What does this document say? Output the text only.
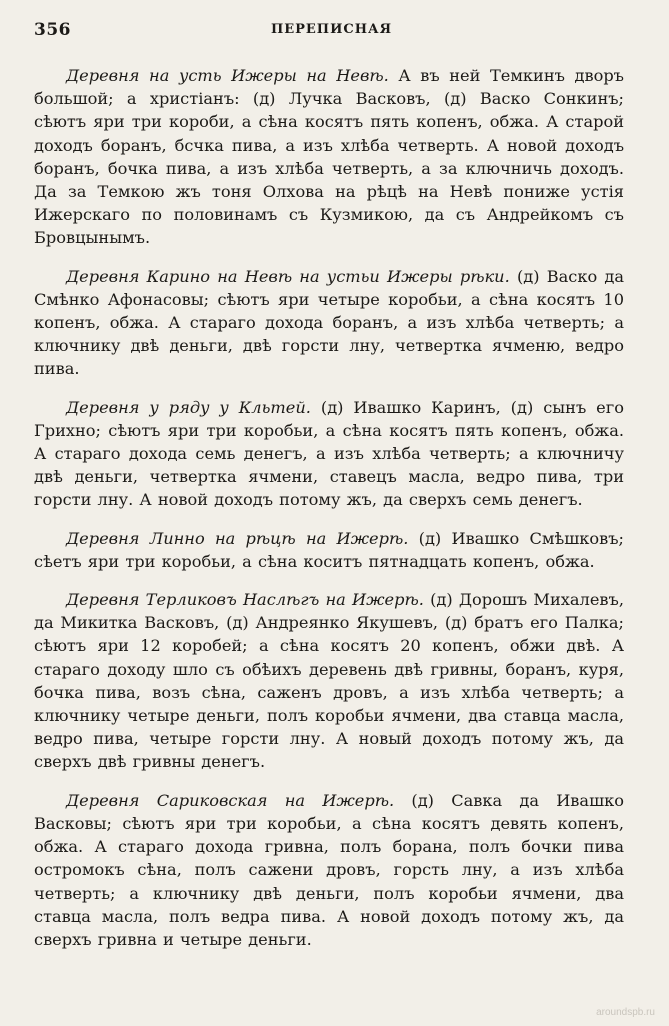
356	ПЕРЕПИСНАЯ

Деревня на усть Ижеры на Невѣ. А въ ней Темкинъ дворъ большой; а христіанъ: (д) Лучка Васковъ, (д) Васко Сонкинъ; сѣютъ яри три короби, а сѣна косятъ пять копенъ, обжа. А старой доходъ боранъ, бсчка пива, а изъ хлѣба четверть. А новой доходъ боранъ, бочка пива, а изъ хлѣба четверть, а за ключничь доходъ. Да за Темкою жъ тоня Олхова на рѣцѣ на Невѣ пониже устія Ижерскаго по половинамъ съ Кузмикою, да съ Андрейкомъ съ Бровцынымъ.

Деревня Карино на Невѣ на устьи Ижеры рѣки. (д) Васко да Смѣнко Афонасовы; сѣютъ яри четыре коробьи, а сѣна косятъ 10 копенъ, обжа. А стараго дохода боранъ, а изъ хлѣба четверть; а ключнику двѣ деньги, двѣ горсти лну, четвертка ячменю, ведро пива.

Деревня у ряду у Кльтей. (д) Ивашко Каринъ, (д) сынъ его Грихно; сѣютъ яри три коробьи, а сѣна косятъ пять копенъ, обжа. А стараго дохода семь денегъ, а изъ хлѣба четверть; а ключничу двѣ деньги, четвертка ячмени, ставецъ масла, ведро пива, три горсти лну. А новой доходъ потому жъ, да сверхъ семь денегъ.

Деревня Линно на рѣцѣ на Ижерѣ. (д) Ивашко Смѣшковъ; сѣетъ яри три коробьи, а сѣна коситъ пятнадцать копенъ, обжа.

Деревня Терликовъ Наслѣгъ на Ижерѣ. (д) Дорошъ Михалевъ, да Микитка Васковъ, (д) Андреянко Якушевъ, (д) братъ его Палка; сѣютъ яри 12 коробей; а сѣна косятъ 20 копенъ, обжи двѣ. А стараго доходу шло съ обѣихъ деревень двѣ гривны, боранъ, куря, бочка пива, возъ сѣна, саженъ дровъ, а изъ хлѣба четверть; а ключнику четыре деньги, полъ коробьи ячмени, два ставца масла, ведро пива, четыре горсти лну. А новый доходъ потому жъ, да сверхъ двѣ гривны денегъ.

Деревня Сариковская на Ижерѣ. (д) Савка да Ивашко Васковы; сѣютъ яри три коробьи, а сѣна косятъ девять копенъ, обжа. А стараго дохода гривна, полъ борана, полъ бочки пива остромокъ сѣна, полъ сажени дровъ, горсть лну, а изъ хлѣба четверть; а ключнику двѣ деньги, полъ коробьи ячмени, два ставца масла, полъ ведра пива. А новой доходъ потому жъ, да сверхъ гривна и четыре деньги.

aroundspb.ru
